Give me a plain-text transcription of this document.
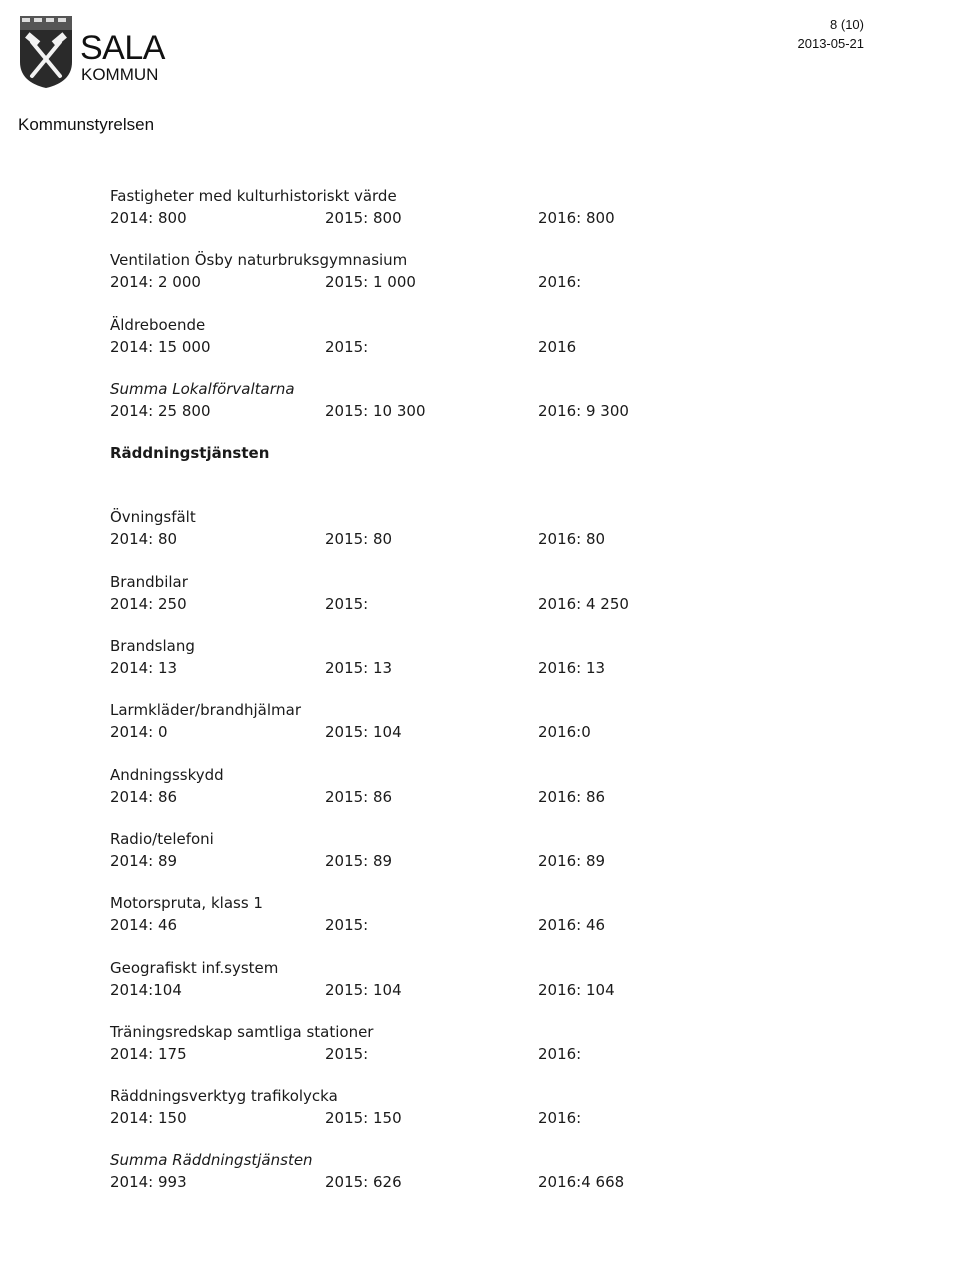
SALA
KOMMUN
8 (10)
2013-05-21
Kommunstyrelsen
Fastigheter med kulturhistoriskt värde
2014: 800	2015: 800	2016: 800
Ventilation Ösby naturbruksgymnasium
2014: 2 000	2015: 1 000	2016:
Äldreboende
2014: 15 000	2015:	2016
Summa Lokalförvaltarna
2014: 25 800	2015: 10 300	2016: 9 300
Räddningstjänsten
Övningsfält
2014: 80	2015: 80	2016: 80
Brandbilar
2014: 250	2015:	2016: 4 250
Brandslang
2014: 13	2015: 13	2016: 13
Larmkläder/brandhjälmar
2014: 0	2015: 104	2016:0
Andningsskydd
2014: 86	2015: 86	2016: 86
Radio/telefoni
2014: 89	2015: 89	2016: 89
Motorspruta, klass 1
2014: 46	2015:	2016: 46
Geografiskt inf.system
2014:104	2015: 104	2016: 104
Träningsredskap samtliga stationer
2014: 175	2015:	2016:
Räddningsverktyg trafikolycka
2014: 150	2015: 150	2016:
Summa Räddningstjänsten
2014: 993	2015: 626	2016:4 668
